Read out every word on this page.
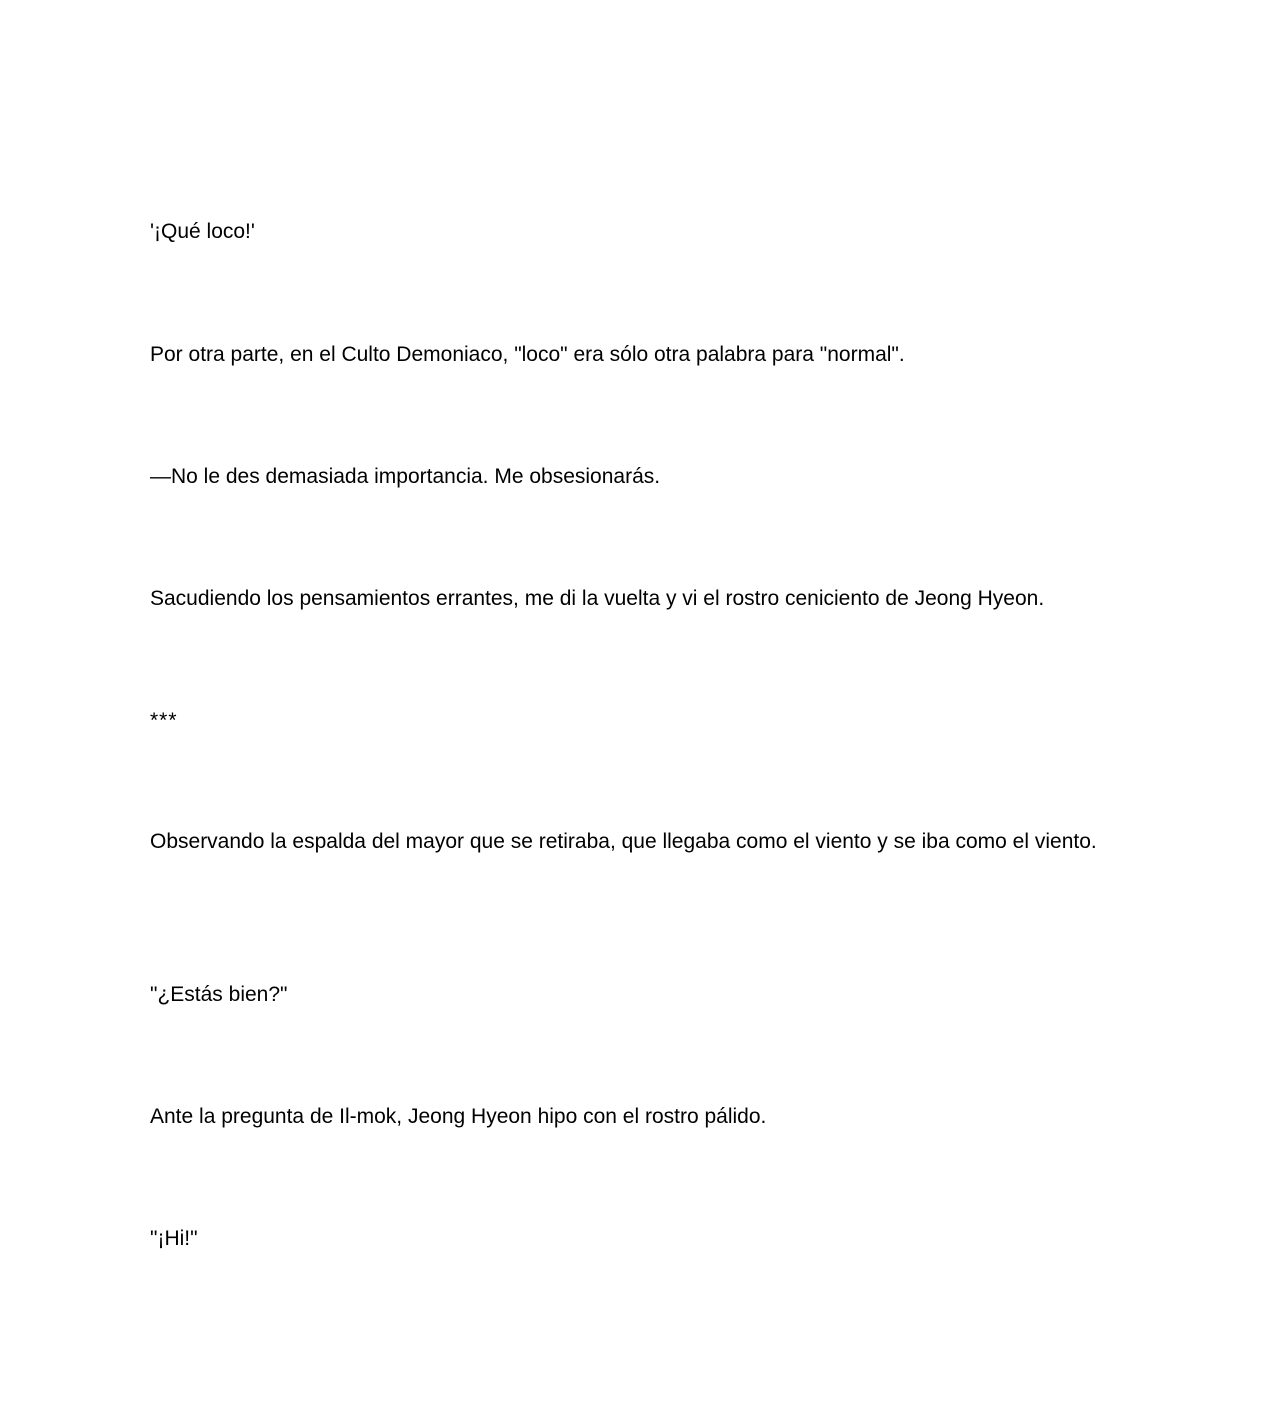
'¡Qué loco!'

Por otra parte, en el Culto Demoniaco, "loco" era sólo otra palabra para "normal".

—No le des demasiada importancia. Me obsesionarás.

Sacudiendo los pensamientos errantes, me di la vuelta y vi el rostro ceniciento de Jeong Hyeon.

***

Observando la espalda del mayor que se retiraba, que llegaba como el viento y se iba como el viento.

"¿Estás bien?"

Ante la pregunta de Il-mok, Jeong Hyeon hipo con el rostro pálido.

"¡Hi!"
